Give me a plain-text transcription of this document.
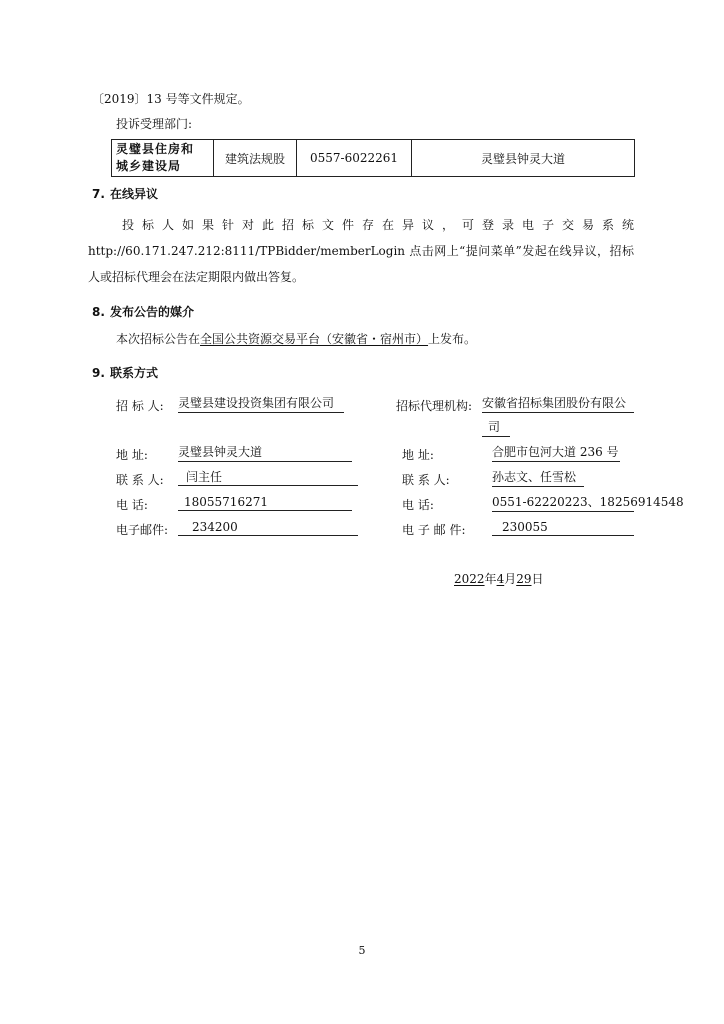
〔2019〕13 号等文件规定。
投诉受理部门:
灵璧县住房和
城乡建设局
	建筑法规股	0557-6022261	灵璧县钟灵大道
7. 在线异议
投标人如果针对此招标文件存在异议，可登录电子交易系统 http://60.171.247.212:8111/TPBidder/memberLogin 点击网上“提问菜单”发起在线异议，招标人或招标代理会在法定期限内做出答复。
8. 发布公告的媒介
本次招标公告在全国公共资源交易平台（安徽省・宿州市）上发布。
9. 联系方式
招 标 人: 灵璧县建设投资集团有限公司
地 址:	灵璧县钟灵大道
联 系 人:	闫主任
电 话:	18055716271
电子邮件:	234200
招标代理机构: 安徽省招标集团股份有限公
司
地 址:	合肥市包河大道 236 号
联 系 人:	孙志文、任雪松
电 话:	0551-62220223、18256914548
电 子 邮 件:	230055
2022年4月29日
5
